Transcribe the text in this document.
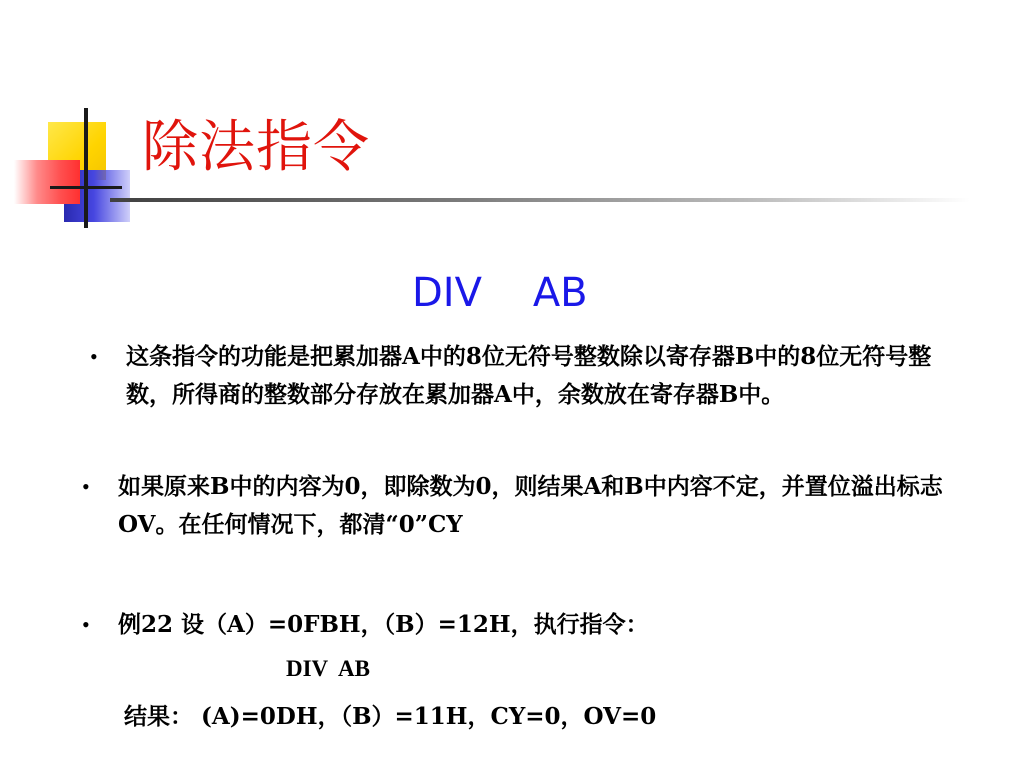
除法指令
DIV    AB
• 这条指令的功能是把累加器A中的8位无符号整数除以寄存器B中的8位无符号整数，所得商的整数部分存放在累加器A中，余数放在寄存器B中。
• 如果原来B中的内容为0，即除数为0，则结果A和B中内容不定，并置位溢出标志OV。在任何情况下，都清“0”CY
• 例22 设（A）=0FBH，（B）=12H，执行指令：
DIV  AB
结果： (A)=0DH，（B）=11H，CY=0，OV=0
